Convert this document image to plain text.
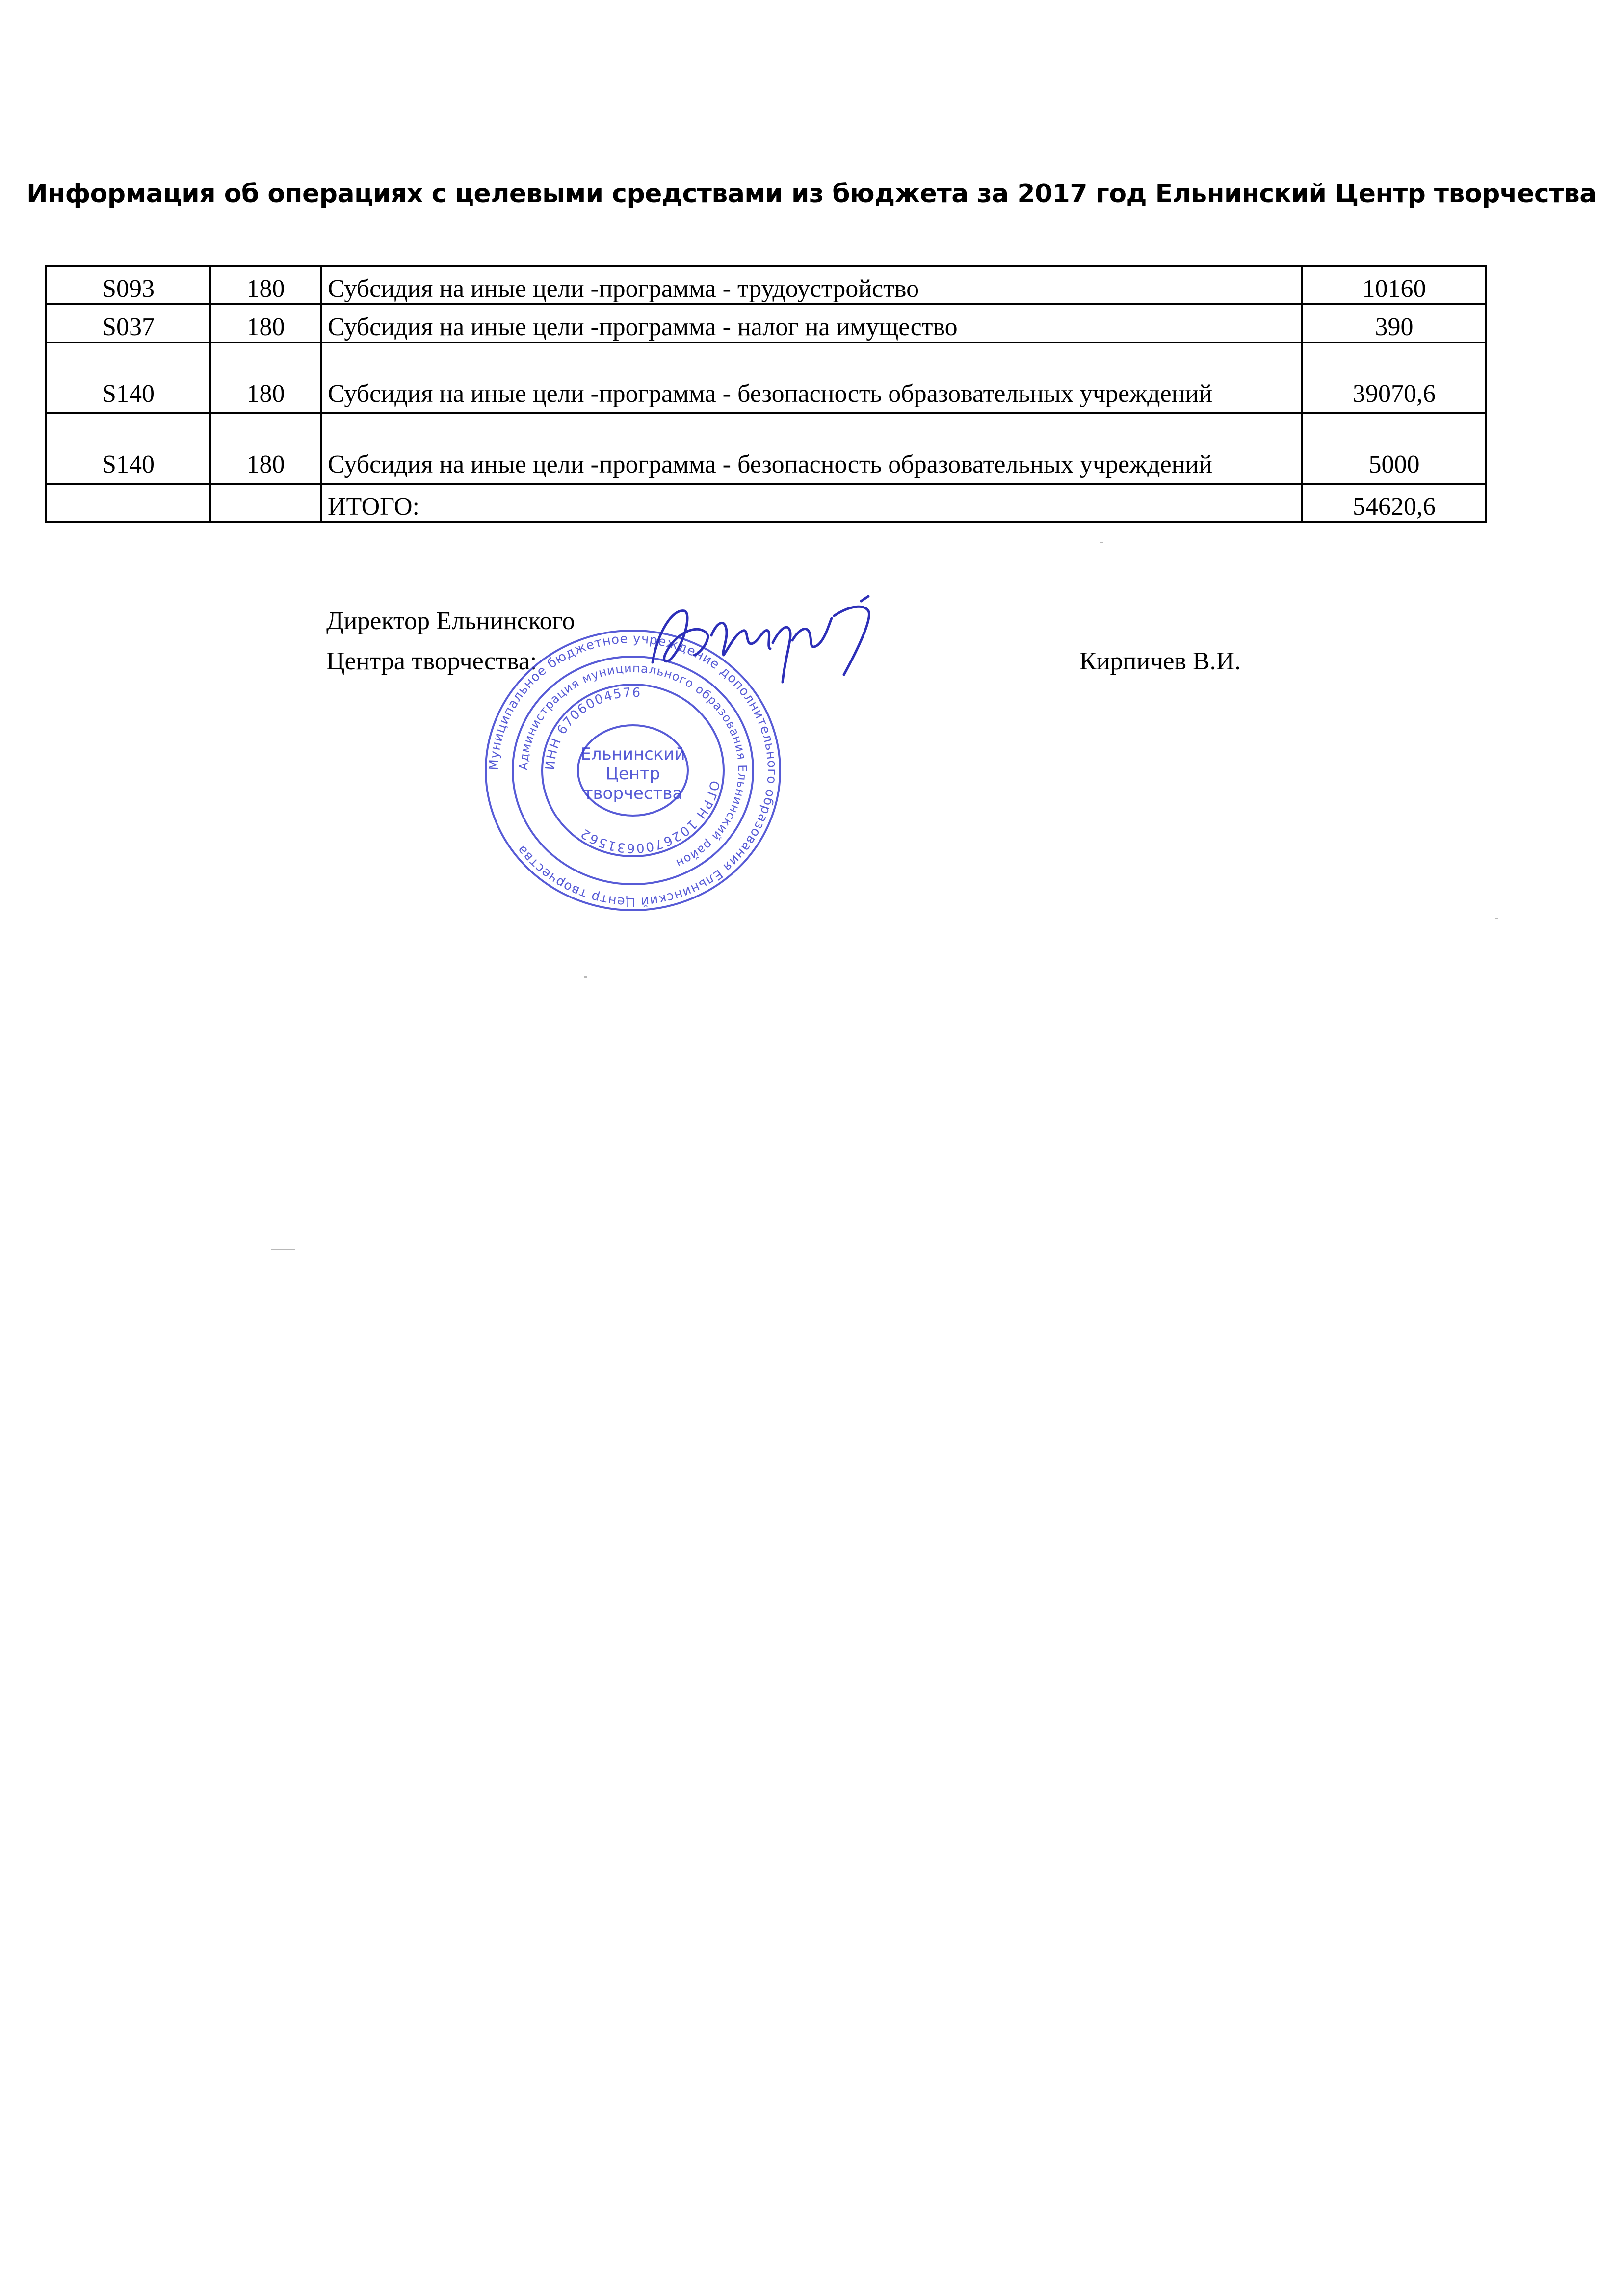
Информация об операциях с целевыми средствами из бюджета за 2017 год Ельнинский Центр творчества
S093	180	Субсидия на иные цели -программа - трудоустройство	10160
S037	180	Субсидия на иные цели -программа - налог на имущество	390
S140	180	Субсидия на иные цели -программа - безопасность образовательных учреждений	39070,6
S140	180	Субсидия на иные цели -программа - безопасность образовательных учреждений	5000
		ИТОГО:	54620,6
Директор Ельнинского
Центра творчества:	Кирпичев В.И.
Муниципальное бюджетное учреждение дополнительного образования Ельнинский Центр творчества
Администрация муниципального образования Ельнинский район
ИНН 6706004576
ОГРН 1026700631562
Ельнинский
Центр
творчества
